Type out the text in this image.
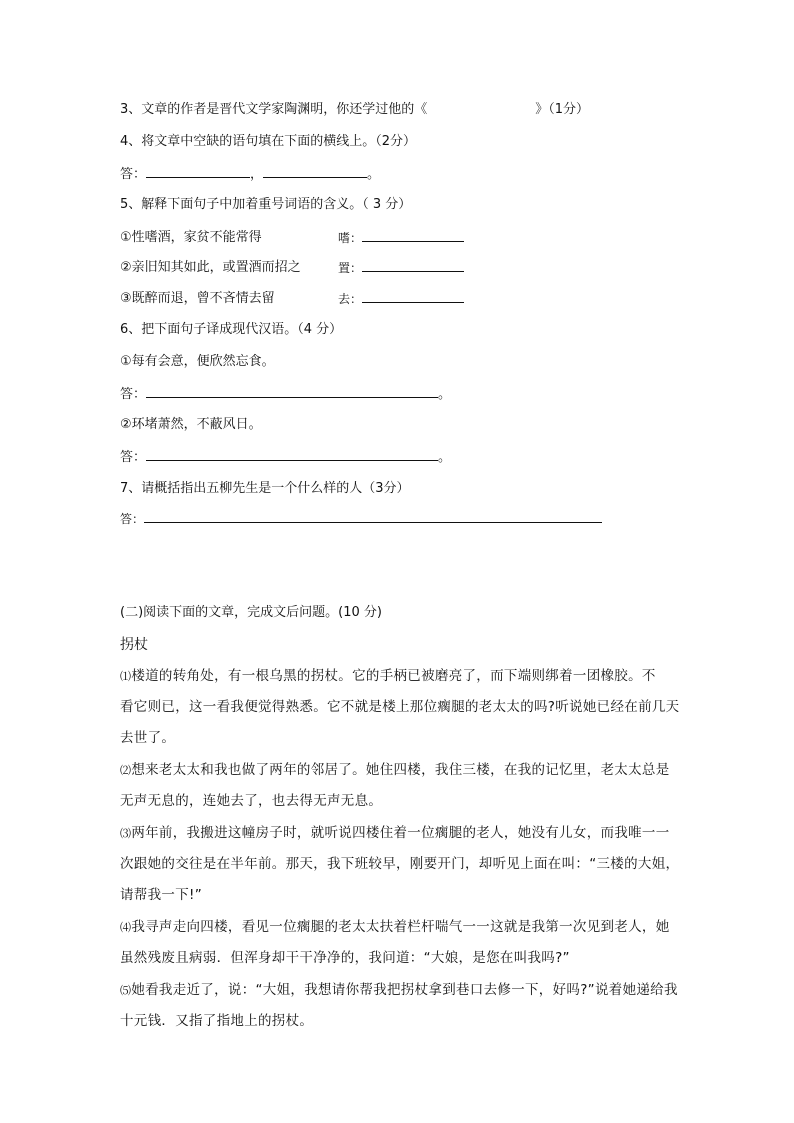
3、文章的作者是晋代文学家陶渊明，你还学过他的《	》（1分）
4、将文章中空缺的语句填在下面的横线上。（2分）
答：	，	。
5、解释下面句子中加着重号词语的含义。（ 3 分）
①性嗜酒，家贫不能常得	嗜：
②亲旧知其如此，或置酒而招之	置：
③既醉而退，曾不吝情去留	去：
6、把下面句子译成现代汉语。（4 分）
①每有会意，便欣然忘食。
答：	。
②环堵萧然，不蔽风日。
答：	。
7、请概括指出五柳先生是一个什么样的人（3分）
答：
(二)阅读下面的文章，完成文后问题。(10 分)
拐杖
⑴楼道的转角处，有一根乌黑的拐杖。它的手柄已被磨亮了，而下端则绑着一团橡胶。不　看它则已，这一看我便觉得熟悉。它不就是楼上那位瘸腿的老太太的吗?听说她已经在前几天去世了。
⑵想来老太太和我也做了两年的邻居了。她住四楼，我住三楼，在我的记忆里，老太太总是无声无息的，连她去了，也去得无声无息。
⑶两年前，我搬进这幢房子时，就听说四楼住着一位瘸腿的老人，她没有儿女，而我唯一一次跟她的交往是在半年前。那天，我下班较早，刚要开门，却听见上面在叫：“三楼的大姐，请帮我一下!”
⑷我寻声走向四楼，看见一位瘸腿的老太太扶着栏杆喘气一一这就是我第一次见到老人，她虽然残废且病弱．但浑身却干干净净的，我问道：“大娘，是您在叫我吗?”
⑸她看我走近了，说：“大姐，我想请你帮我把拐杖拿到巷口去修一下，好吗?”说着她递给我十元钱．又指了指地上的拐杖。
